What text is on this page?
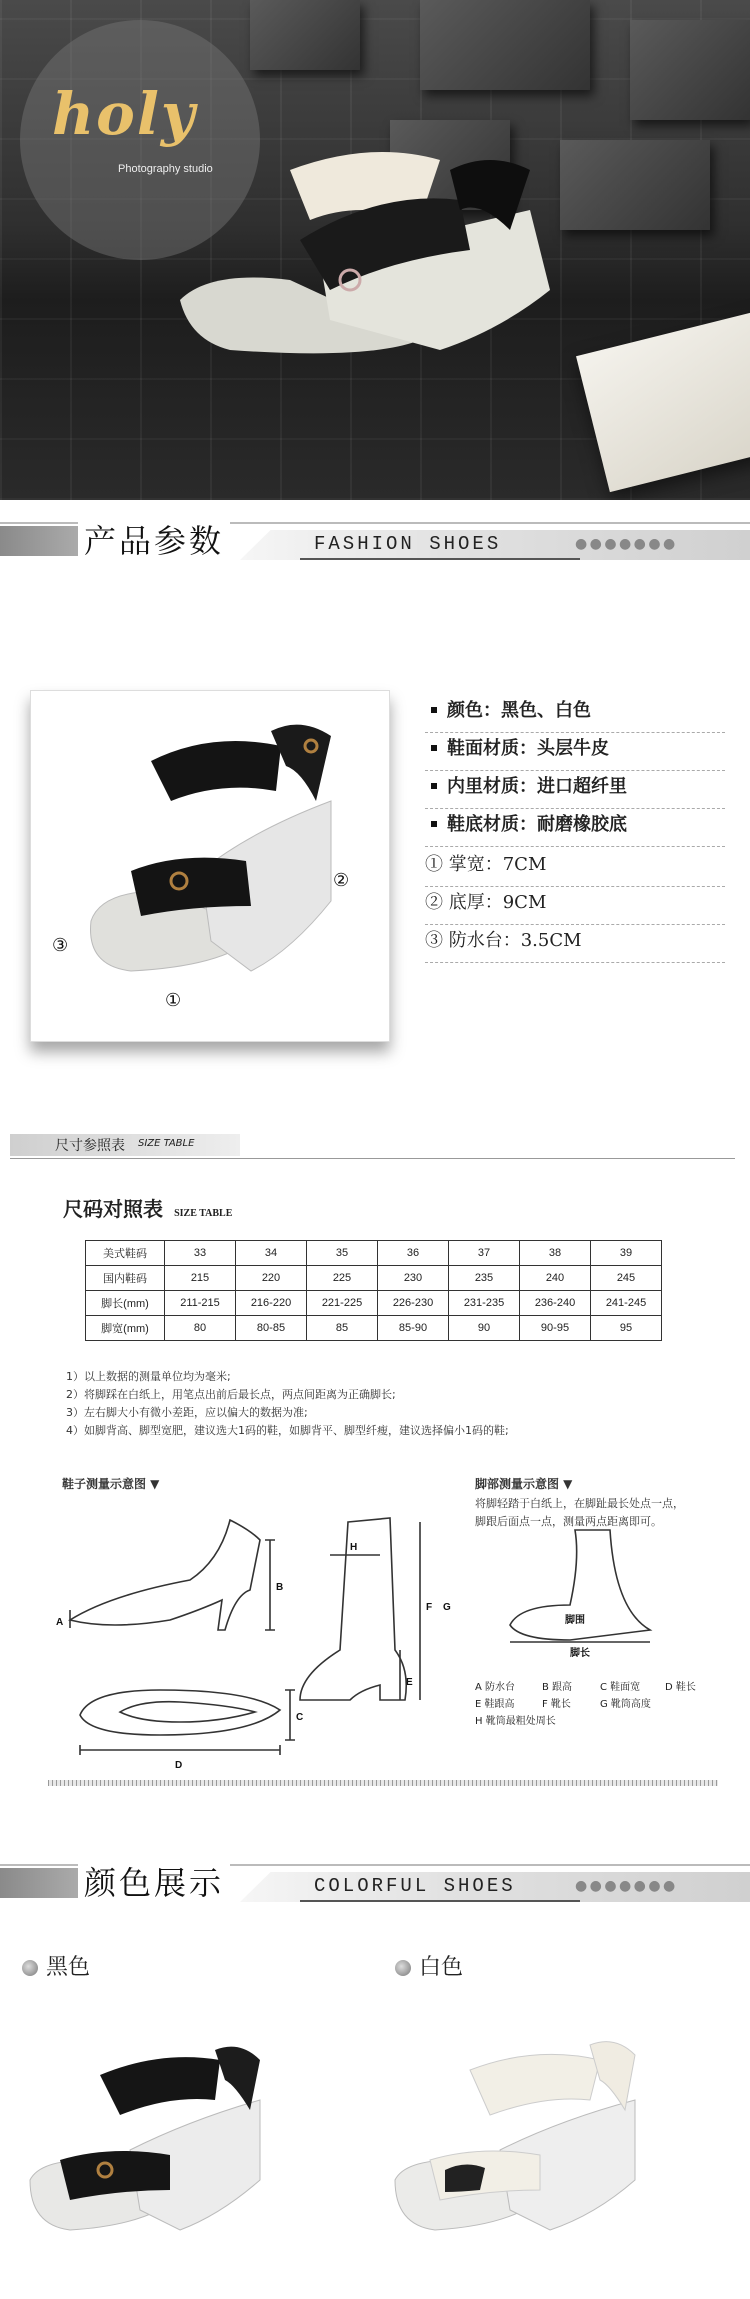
holy
Photography studio
产品参数	FASHION SHOES	● ● ● ● ● ● ●
①
②
③
颜色：黑色、白色
鞋面材质：头层牛皮
内里材质：进口超纤里
鞋底材质：耐磨橡胶底
① 掌宽：7CM
② 底厚：9CM
③ 防水台：3.5CM
尺寸参照表 SIZE TABLE
尺码对照表 SIZE TABLE
美式鞋码	33	34	35	36	37	38	39
国内鞋码	215	220	225	230	235	240	245
脚长(mm)	211-215	216-220	221-225	226-230	231-235	236-240	241-245
脚宽(mm)	80	80-85	85	85-90	90	90-95	95
1）以上数据的测量单位均为毫米;
2）将脚踩在白纸上，用笔点出前后最长点，两点间距离为正确脚长;
3）左右脚大小有微小差距，应以偏大的数据为准;
4）如脚背高、脚型宽肥，建议选大1码的鞋，如脚背平、脚型纤瘦，建议选择偏小1码的鞋;
鞋子测量示意图 ▼	脚部测量示意图 ▼
将脚轻踏于白纸上，在脚趾最长处点一点，
脚跟后面点一点，测量两点距离即可。
A
B
C
D
E
F G
H
脚围
脚长
A 防水台	B 跟高	C 鞋面宽 D 鞋长
E 鞋跟高	F 靴长	G 靴筒高度
H 靴筒最粗处周长
颜色展示	COLORFUL SHOES	● ● ● ● ● ● ●
黑色	白色
